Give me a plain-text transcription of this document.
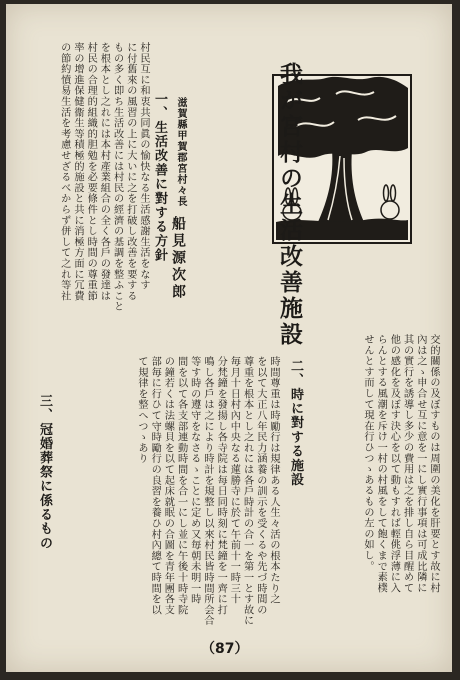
我が宮村の生活改善施設
滋賀縣甲賀郡宮村々長
船見源次郎
一、生活改善に對する方針
二、時に對する施設
三、冠婚葬祭に係るもの	交的關係の及ぼすものは周圍の美化を肝要とす故に村
內は之ゝ申合せ互に意を一にし實行事項は可成比隣に
其の實行を誘導し多少の費用は之を排し自ら目醒めて
他の感化を及ぼす決心を以て動もすれば輕佻浮薄に入
らんとする風潮を斥け一村の村風をして飽くまで素樸
せんとす而して現在行ひつゝあるもの左の如し。
時間尊重は時勵行は規律ある人生々活の根本たり之
を以て大正八年民力涵養の訓示を受くるや先づ時間の
尊重を根本とし之れには各戶時計の合一を第一とす故に
毎月十日村內中央なる蓮勝寺に於て午前十一時三十
分梵鐘を發揚し各寺院は每日同時刻に梵鐘を一齊に打
鳴し各戶は之により時計を規整し以來村民皆時間所会合
等す時の遵守をなさるゝことに定め又毎朝未明一時
間を以て各支部連動時間を合一にし並に午後十時寺院
の鐘若くは法螺貝を以て起床就眠の合圖を青年團各支
部毎に行ひて守時勵行の良習を養ひ村內總て時間を以
て規律を整へつゝあり
村民互に和衷共同眞の愉快なる生活感謝生活をなす
に付舊來の風習の上に大いに之を打破し改善を要する
もの多く即ち生活改善には村民の經濟の基調を整ふこと
を根本とし之れには本村產業組合の全く各戶の發達は
村民の合理的組織的胆勉を必要條件とし時間の尊重節
率の增進保健衞生等積極的施設と共に消極方面に冗費
の節約憤易生活を考慮せざるべからず併して之れ等社
（87）
